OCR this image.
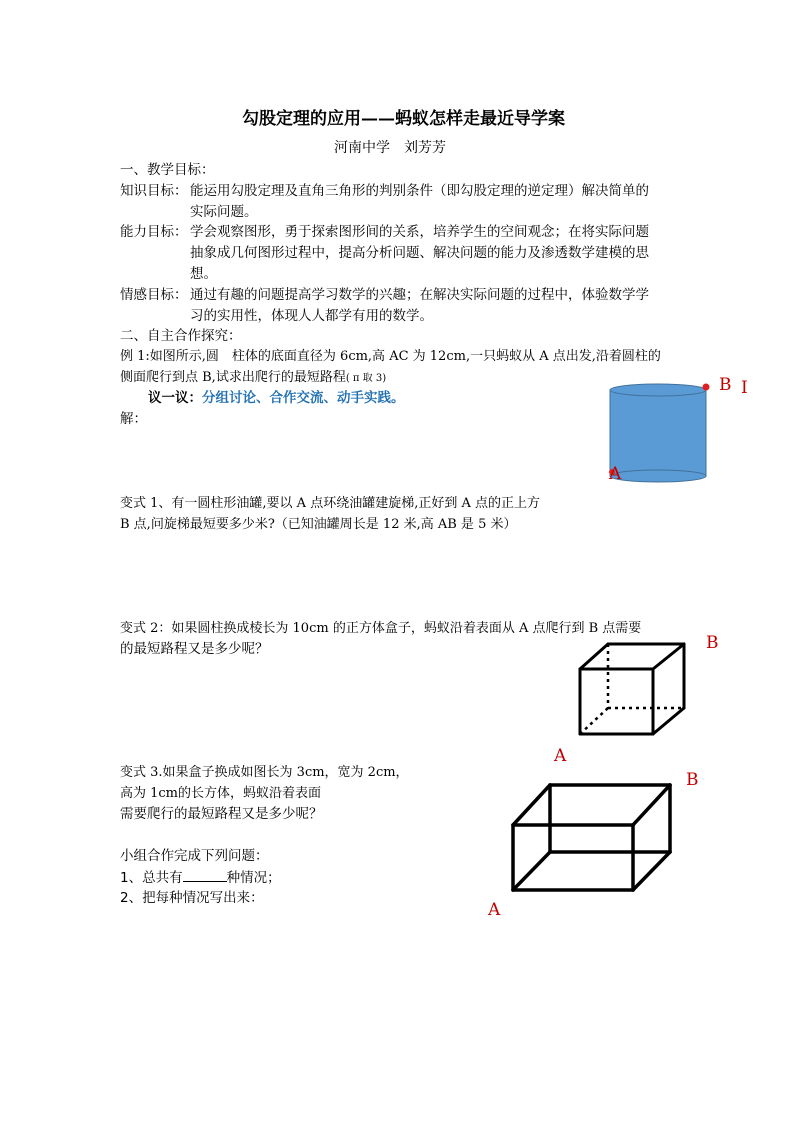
勾股定理的应用——蚂蚁怎样走最近导学案
河南中学　刘芳芳
一、教学目标：
知识目标： 能运用勾股定理及直角三角形的判别条件（即勾股定理的逆定理）解决简单的
实际问题。
能力目标： 学会观察图形，勇于探索图形间的关系，培养学生的空间观念；在将实际问题
抽象成几何图形过程中，提高分析问题、解决问题的能力及渗透数学建模的思
想。
情感目标： 通过有趣的问题提高学习数学的兴趣；在解决实际问题的过程中，体验数学学
习的实用性，体现人人都学有用的数学。
二、自主合作探究：
例 1:如图所示,圆　柱体的底面直径为 6cm,高 AC 为 12cm,一只蚂蚁从 A 点出发,沿着圆柱的
侧面爬行到点 B,试求出爬行的最短路程( π 取 3)
议一议：分组讨论、合作交流、动手实践。
解：
B I
A
变式 1、有一圆柱形油罐,要以 A 点环绕油罐建旋梯,正好到 A 点的正上方
B 点,问旋梯最短要多少米?（已知油罐周长是 12 米,高 AB 是 5 米）
变式 2：如果圆柱换成棱长为 10cm 的正方体盒子，蚂蚁沿着表面从 A 点爬行到 B 点需要
的最短路程又是多少呢？	B
A
变式 3.如果盒子换成如图长为 3cm，宽为 2cm，
高为 1cm的长方体，蚂蚁沿着表面
需要爬行的最短路程又是多少呢？
B
A
小组合作完成下列问题：
1、总共有	种情况；
2、把每种情况写出来：
